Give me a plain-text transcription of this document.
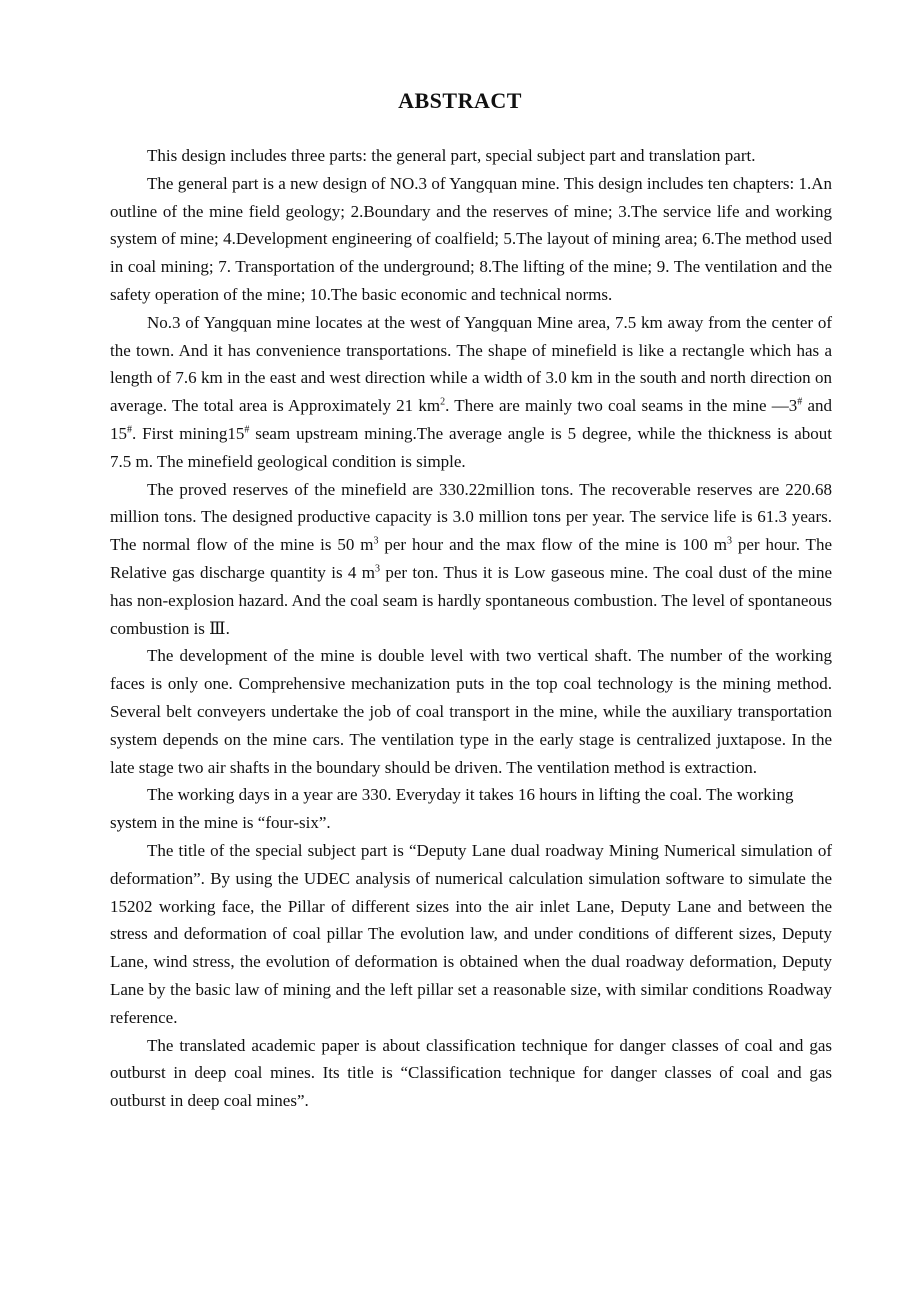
ABSTRACT

This design includes three parts: the general part, special subject part and translation part.

The general part is a new design of NO.3 of Yangquan mine. This design includes ten chapters: 1.An outline of the mine field geology; 2.Boundary and the reserves of mine; 3.The service life and working system of mine; 4.Development engineering of coalfield; 5.The layout of mining area; 6.The method used in coal mining; 7. Transportation of the underground; 8.The lifting of the mine; 9. The ventilation and the safety operation of the mine; 10.The basic economic and technical norms.

No.3 of Yangquan mine locates at the west of Yangquan Mine area, 7.5 km away from the center of the town. And it has convenience transportations. The shape of minefield is like a rectangle which has a length of 7.6 km in the east and west direction while a width of 3.0 km in the south and north direction on average. The total area is Approximately 21 $km^2$. There are mainly two coal seams in the mine —3# and 15#. First mining15# seam upstream mining.The average angle is 5 degree, while the thickness is about 7.5 m. The minefield geological condition is simple.

The proved reserves of the minefield are 330.22million tons. The recoverable reserves are 220.68 million tons. The designed productive capacity is 3.0 million tons per year. The service life is 61.3 years. The normal flow of the mine is 50 $m^3$ per hour and the max flow of the mine is 100 $m^3$ per hour. The Relative gas discharge quantity is 4 $m^3$ per ton. Thus it is Low gaseous mine. The coal dust of the mine has non-explosion hazard. And the coal seam is hardly spontaneous combustion. The level of spontaneous combustion is Ⅲ.

The development of the mine is double level with two vertical shaft. The number of the working faces is only one. Comprehensive mechanization puts in the top coal technology is the mining method. Several belt conveyers undertake the job of coal transport in the mine, while the auxiliary transportation system depends on the mine cars. The ventilation type in the early stage is centralized juxtapose. In the late stage two air shafts in the boundary should be driven. The ventilation method is extraction.

The working days in a year are 330. Everyday it takes 16 hours in lifting the coal. The working system in the mine is “four-six”.

The title of the special subject part is “Deputy Lane dual roadway Mining Numerical simulation of deformation”. By using the UDEC analysis of numerical calculation simulation software to simulate the 15202 working face, the Pillar of different sizes into the air inlet Lane, Deputy Lane and between the stress and deformation of coal pillar The evolution law, and under conditions of different sizes, Deputy Lane, wind stress, the evolution of deformation is obtained when the dual roadway deformation, Deputy Lane by the basic law of mining and the left pillar set a reasonable size, with similar conditions Roadway reference.

The translated academic paper is about classification technique for danger classes of coal and gas outburst in deep coal mines. Its title is “Classification technique for danger classes of coal and gas outburst in deep coal mines”.
